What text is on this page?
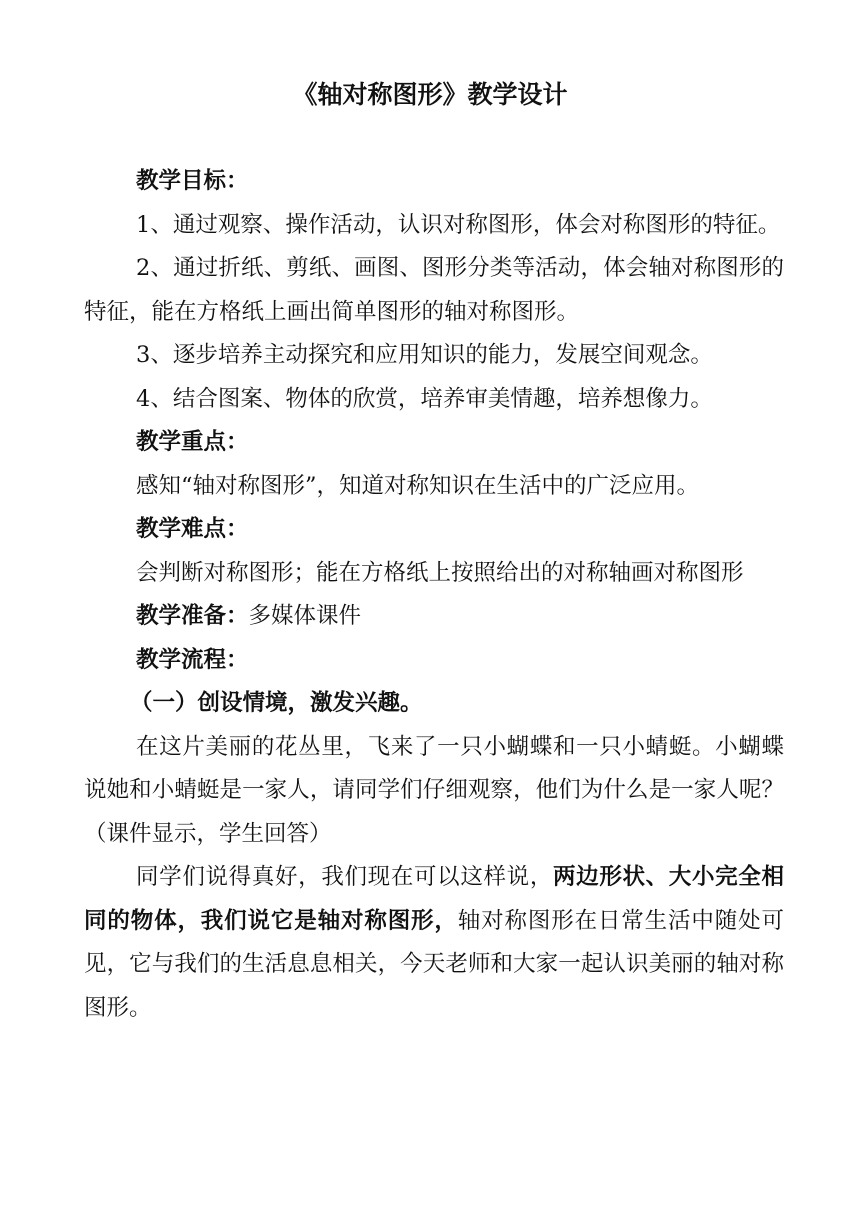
《轴对称图形》教学设计

教学目标：

1、通过观察、操作活动，认识对称图形，体会对称图形的特征。

2、通过折纸、剪纸、画图、图形分类等活动，体会轴对称图形的特征，能在方格纸上画出简单图形的轴对称图形。

3、逐步培养主动探究和应用知识的能力，发展空间观念。

4、结合图案、物体的欣赏，培养审美情趣，培养想像力。

教学重点：

感知“轴对称图形”，知道对称知识在生活中的广泛应用。

教学难点：

会判断对称图形；能在方格纸上按照给出的对称轴画对称图形

教学准备：多媒体课件

教学流程：

（一）创设情境，激发兴趣。

在这片美丽的花丛里，飞来了一只小蝴蝶和一只小蜻蜓。小蝴蝶说她和小蜻蜓是一家人，请同学们仔细观察，他们为什么是一家人呢？（课件显示，学生回答）

同学们说得真好，我们现在可以这样说，两边形状、大小完全相同的物体，我们说它是轴对称图形，轴对称图形在日常生活中随处可见，它与我们的生活息息相关，今天老师和大家一起认识美丽的轴对称图形。
